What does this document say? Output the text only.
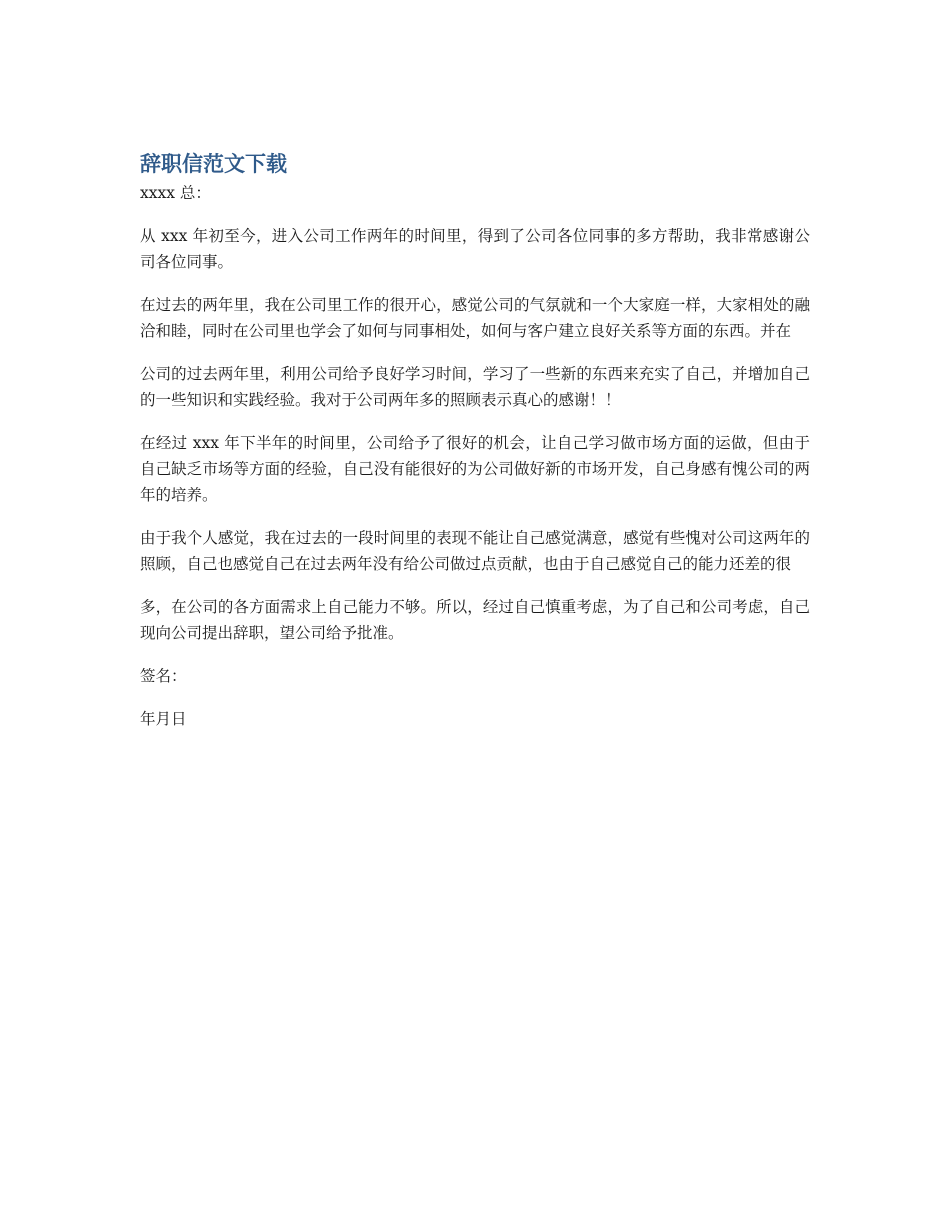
辞职信范文下载

xxxx 总：

从 xxx 年初至今，进入公司工作两年的时间里，得到了公司各位同事的多方帮助，我非常感谢公司各位同事。

在过去的两年里，我在公司里工作的很开心，感觉公司的气氛就和一个大家庭一样，大家相处的融洽和睦，同时在公司里也学会了如何与同事相处，如何与客户建立良好关系等方面的东西。并在

公司的过去两年里，利用公司给予良好学习时间，学习了一些新的东西来充实了自己，并增加自己的一些知识和实践经验。我对于公司两年多的照顾表示真心的感谢！！

在经过 xxx 年下半年的时间里，公司给予了很好的机会，让自己学习做市场方面的运做，但由于自己缺乏市场等方面的经验，自己没有能很好的为公司做好新的市场开发，自己身感有愧公司的两 年的培养。

由于我个人感觉，我在过去的一段时间里的表现不能让自己感觉满意，感觉有些愧对公司这两年的照顾，自己也感觉自己在过去两年没有给公司做过点贡献，也由于自己感觉自己的能力还差的很

多，在公司的各方面需求上自己能力不够。所以，经过自己慎重考虑，为了自己和公司考虑，自己现向公司提出辞职，望公司给予批准。

签名：

年月日
